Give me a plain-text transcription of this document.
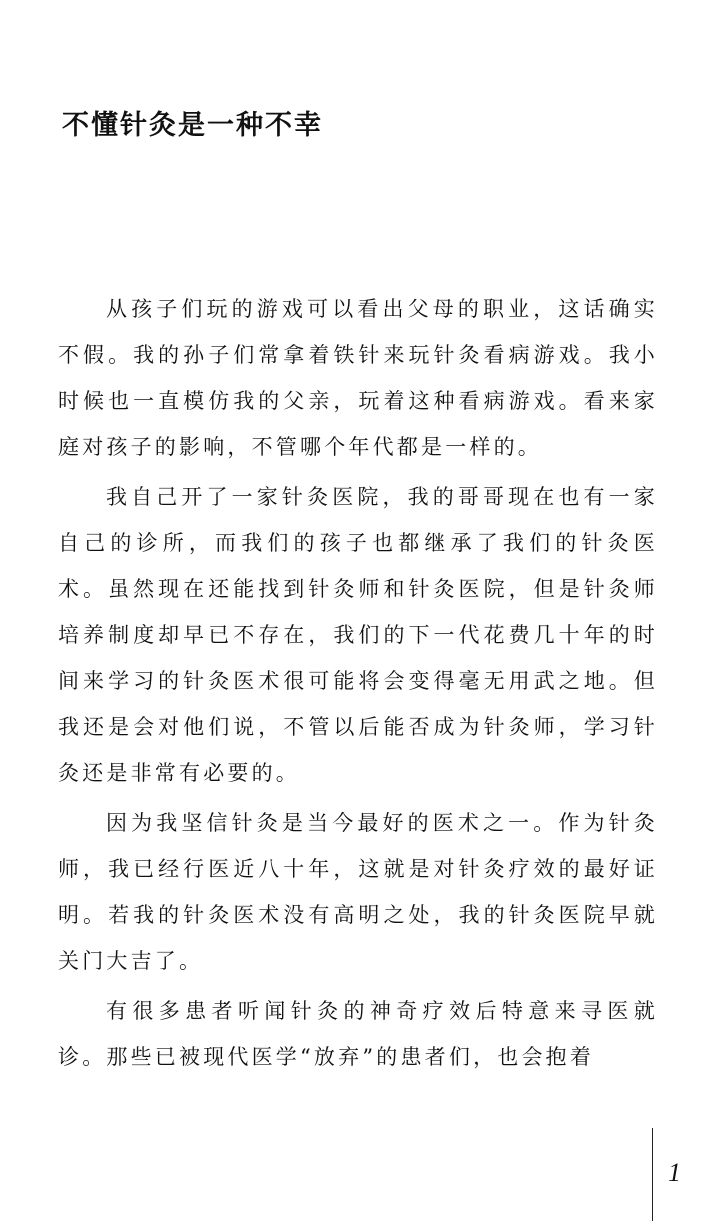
不懂针灸是一种不幸

从孩子们玩的游戏可以看出父母的职业，这话确实不假。我的孙子们常拿着铁针来玩针灸看病游戏。我小时候也一直模仿我的父亲，玩着这种看病游戏。看来家庭对孩子的影响，不管哪个年代都是一样的。

我自己开了一家针灸医院，我的哥哥现在也有一家自己的诊所，而我们的孩子也都继承了我们的针灸医术。虽然现在还能找到针灸师和针灸医院，但是针灸师培养制度却早已不存在，我们的下一代花费几十年的时间来学习的针灸医术很可能将会变得毫无用武之地。但我还是会对他们说，不管以后能否成为针灸师，学习针灸还是非常有必要的。

因为我坚信针灸是当今最好的医术之一。作为针灸师，我已经行医近八十年，这就是对针灸疗效的最好证明。若我的针灸医术没有高明之处，我的针灸医院早就关门大吉了。

有很多患者听闻针灸的神奇疗效后特意来寻医就诊。那些已被现代医学“放弃”的患者们，也会抱着

1
